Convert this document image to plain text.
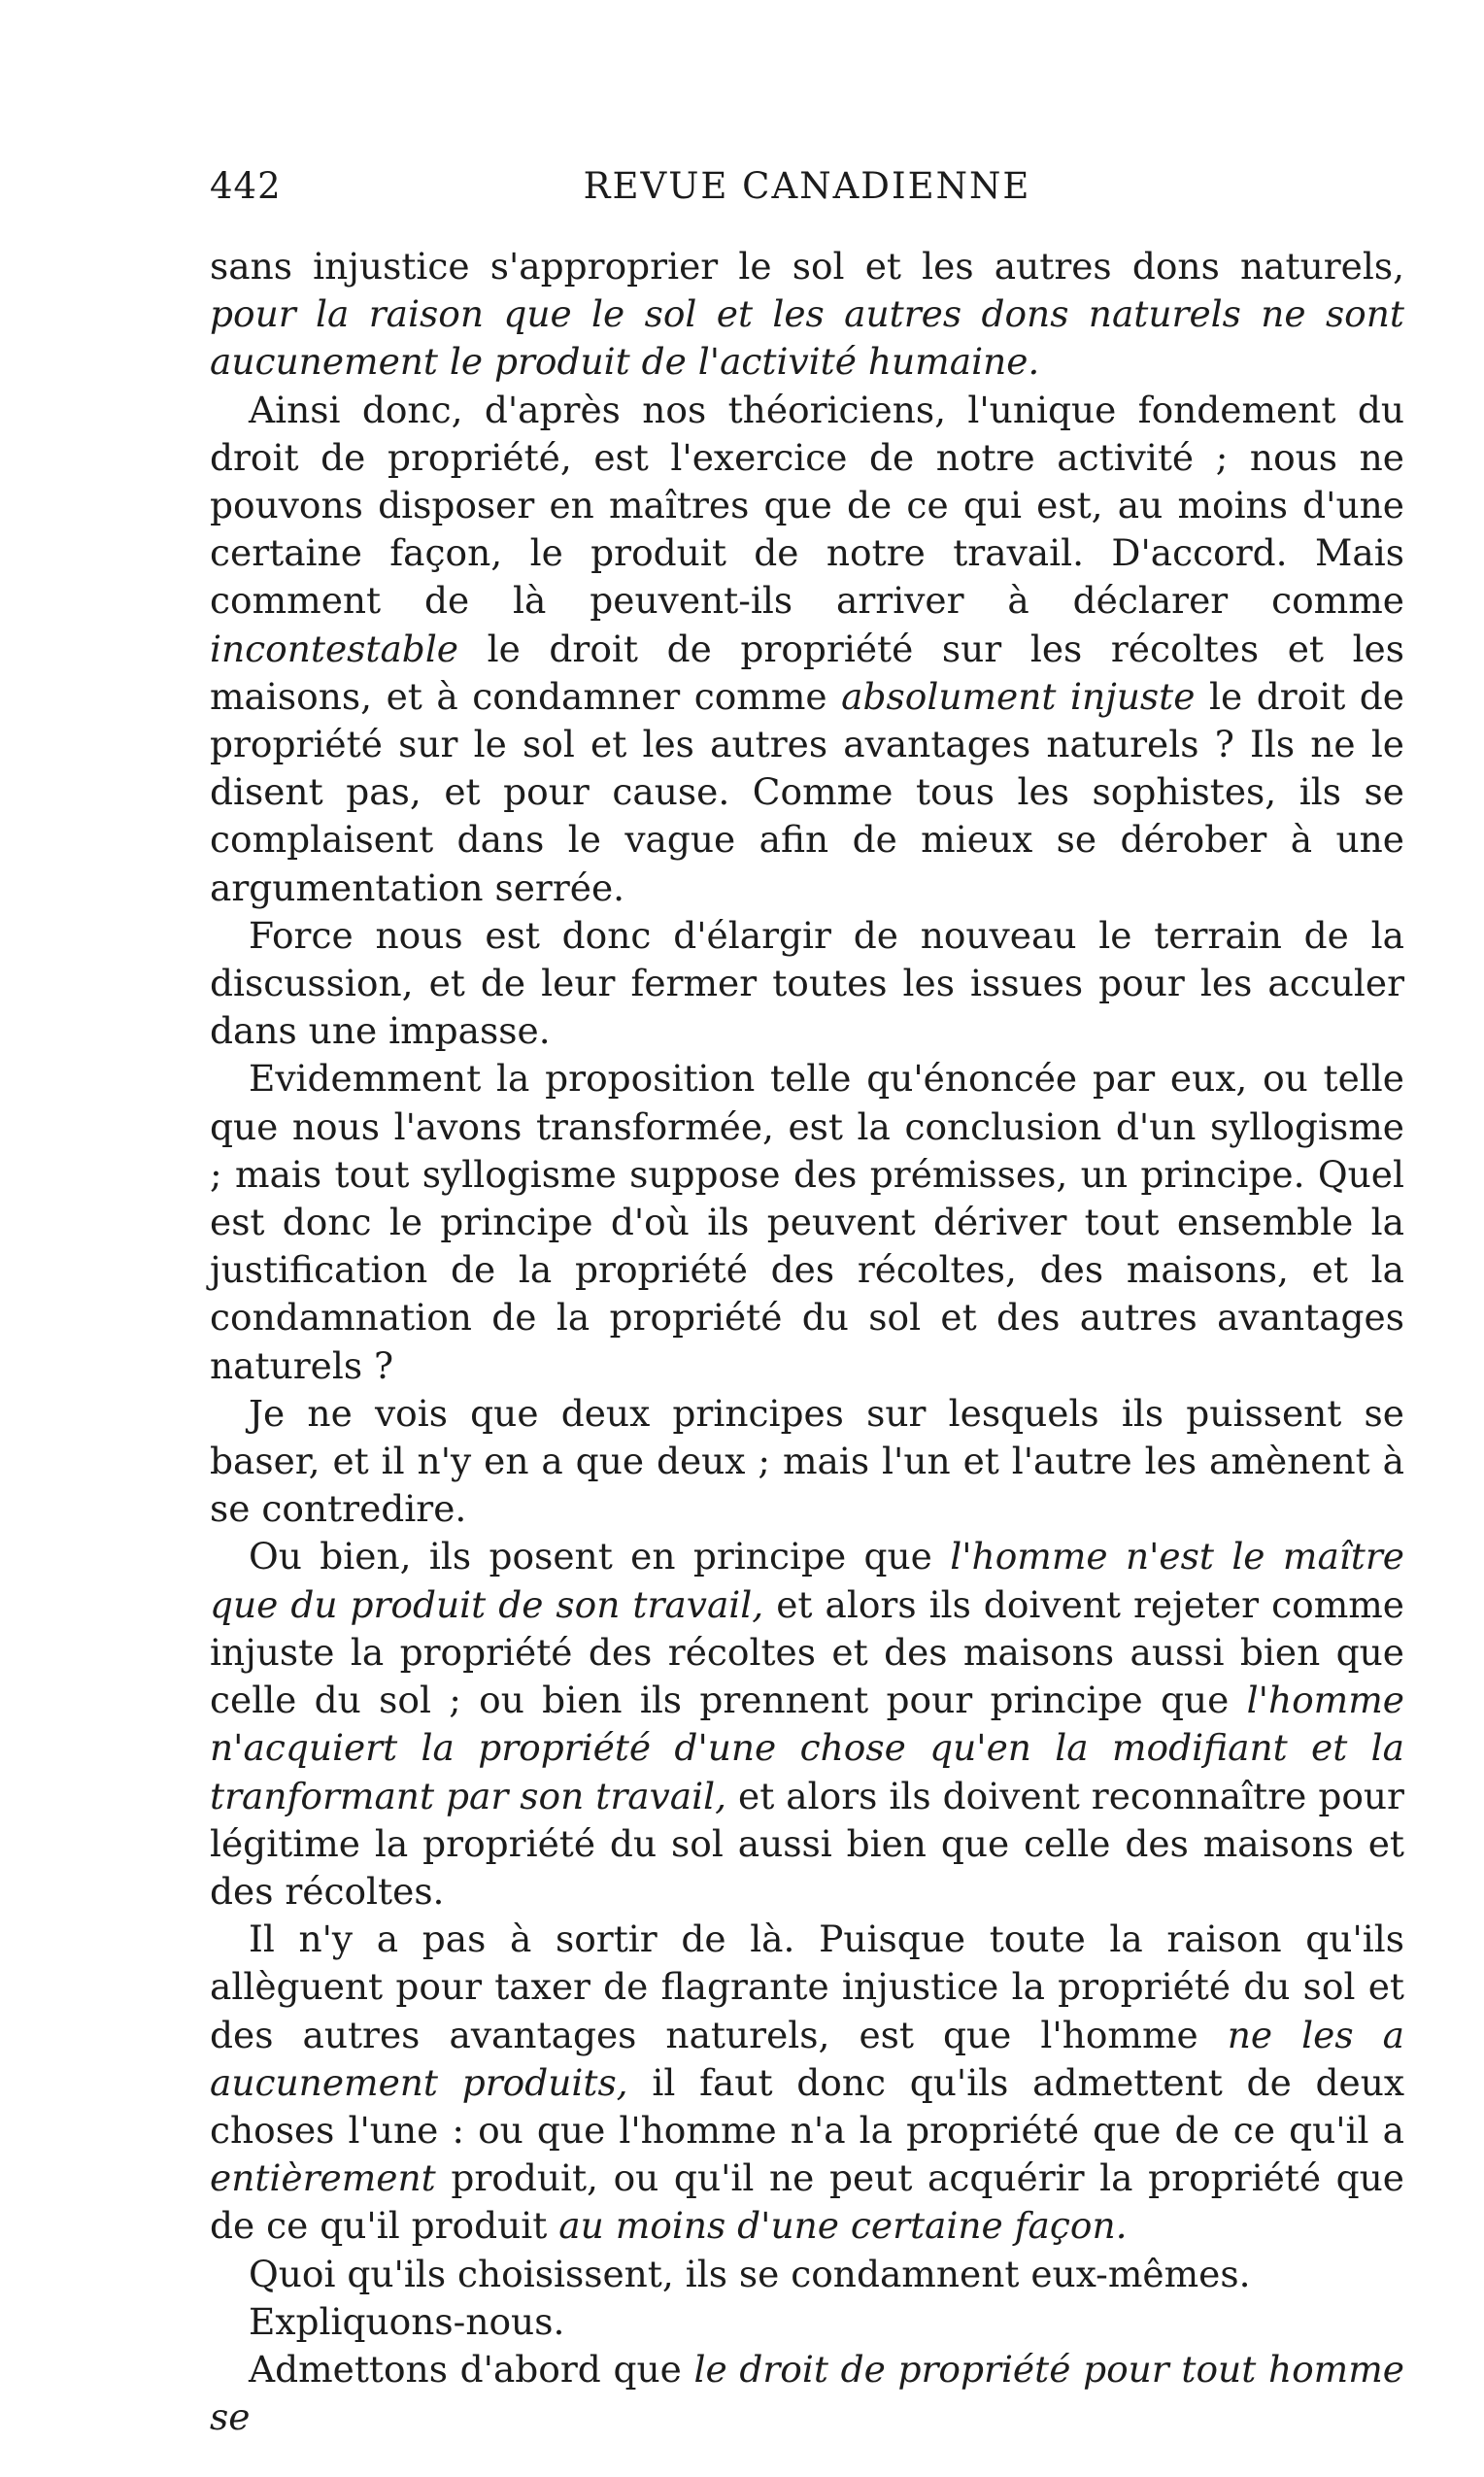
442	REVUE CANADIENNE

sans injustice s'approprier le sol et les autres dons naturels, pour la raison que le sol et les autres dons naturels ne sont aucunement le produit de l'activité humaine.

Ainsi donc, d'après nos théoriciens, l'unique fondement du droit de propriété, est l'exercice de notre activité ; nous ne pouvons disposer en maîtres que de ce qui est, au moins d'une certaine façon, le produit de notre travail. D'accord. Mais comment de là peuvent-ils arriver à déclarer comme incontestable le droit de propriété sur les récoltes et les maisons, et à condamner comme absolument injuste le droit de propriété sur le sol et les autres avantages naturels ? Ils ne le disent pas, et pour cause. Comme tous les sophistes, ils se complaisent dans le vague afin de mieux se dérober à une argumentation serrée.

Force nous est donc d'élargir de nouveau le terrain de la discussion, et de leur fermer toutes les issues pour les acculer dans une impasse.

Evidemment la proposition telle qu'énoncée par eux, ou telle que nous l'avons transformée, est la conclusion d'un syllogisme ; mais tout syllogisme suppose des prémisses, un principe. Quel est donc le principe d'où ils peuvent dériver tout ensemble la justification de la propriété des récoltes, des maisons, et la condamnation de la propriété du sol et des autres avantages naturels ?

Je ne vois que deux principes sur lesquels ils puissent se baser, et il n'y en a que deux ; mais l'un et l'autre les amènent à se contredire.

Ou bien, ils posent en principe que l'homme n'est le maître que du produit de son travail, et alors ils doivent rejeter comme injuste la propriété des récoltes et des maisons aussi bien que celle du sol ; ou bien ils prennent pour principe que l'homme n'acquiert la propriété d'une chose qu'en la modifiant et la tranformant par son travail, et alors ils doivent reconnaître pour légitime la propriété du sol aussi bien que celle des maisons et des récoltes.

Il n'y a pas à sortir de là. Puisque toute la raison qu'ils allèguent pour taxer de flagrante injustice la propriété du sol et des autres avantages naturels, est que l'homme ne les a aucunement produits, il faut donc qu'ils admettent de deux choses l'une : ou que l'homme n'a la propriété que de ce qu'il a entièrement produit, ou qu'il ne peut acquérir la propriété que de ce qu'il produit au moins d'une certaine façon.

Quoi qu'ils choisissent, ils se condamnent eux-mêmes.

Expliquons-nous.

Admettons d'abord que le droit de propriété pour tout homme se
